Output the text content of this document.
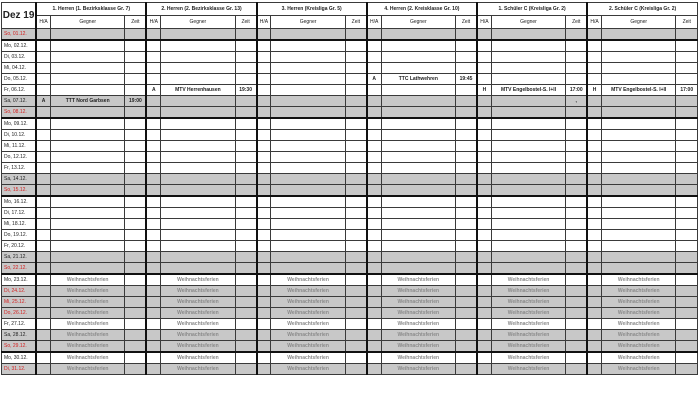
Dez 19	1. Herren (1. Bezirksklasse Gr. 7)			2. Herren (2. Bezirksklasse Gr. 13)			3. Herren (Kreisliga Gr. 5)			4. Herren (2. Kreisklasse Gr. 10)			1. Schüler C (Kreisliga Gr. 2)			2. Schüler C (Kreisliga Gr. 2)		
	H/A	Gegner	Zeit	H/A	Gegner	Zeit	H/A	Gegner	Zeit	H/A	Gegner	Zeit	H/A	Gegner	Zeit	H/A	Gegner	Zeit
So, 01.12.																		
Mo, 02.12.																		
Di, 03.12.																		
Mi, 04.12.																		
Do, 05.12.										A	TTC Lathwehren	19:45						
Fr, 06.12.				A	MTV Herrenhausen	19:30							H	MTV Engelbostel-S. I+II	17:00	H	MTV Engelbostel-S. I+II	17:00
Sa, 07.12.	A	TTT Nord Garbsen	19:00												,			
So, 08.12.																		
Mo, 09.12.																		
Di, 10.12.																		
Mi, 11.12.																		
Do, 12.12.																		
Fr, 13.12.																		
Sa, 14.12.																		
So, 15.12.																		
Mo, 16.12.																		
Di, 17.12.																		
Mi, 18.12.																		
Do, 19.12.																		
Fr, 20.12.																		
Sa, 21.12.																		
So, 22.12.																		
Mo, 23.12.		Weihnachtsferien			Weihnachtsferien			Weihnachtsferien			Weihnachtsferien			Weihnachtsferien			Weihnachtsferien	
Di, 24.12.		Weihnachtsferien			Weihnachtsferien			Weihnachtsferien			Weihnachtsferien			Weihnachtsferien			Weihnachtsferien	
Mi, 25.12.		Weihnachtsferien			Weihnachtsferien			Weihnachtsferien			Weihnachtsferien			Weihnachtsferien			Weihnachtsferien	
Do, 26.12.		Weihnachtsferien			Weihnachtsferien			Weihnachtsferien			Weihnachtsferien			Weihnachtsferien			Weihnachtsferien	
Fr, 27.12.		Weihnachtsferien			Weihnachtsferien			Weihnachtsferien			Weihnachtsferien			Weihnachtsferien			Weihnachtsferien	
Sa, 28.12.		Weihnachtsferien			Weihnachtsferien			Weihnachtsferien			Weihnachtsferien			Weihnachtsferien			Weihnachtsferien	
So, 29.12.		Weihnachtsferien			Weihnachtsferien			Weihnachtsferien			Weihnachtsferien			Weihnachtsferien			Weihnachtsferien	
Mo, 30.12.		Weihnachtsferien			Weihnachtsferien			Weihnachtsferien			Weihnachtsferien			Weihnachtsferien			Weihnachtsferien	
Di, 31.12.		Weihnachtsferien			Weihnachtsferien			Weihnachtsferien			Weihnachtsferien			Weihnachtsferien			Weihnachtsferien	
